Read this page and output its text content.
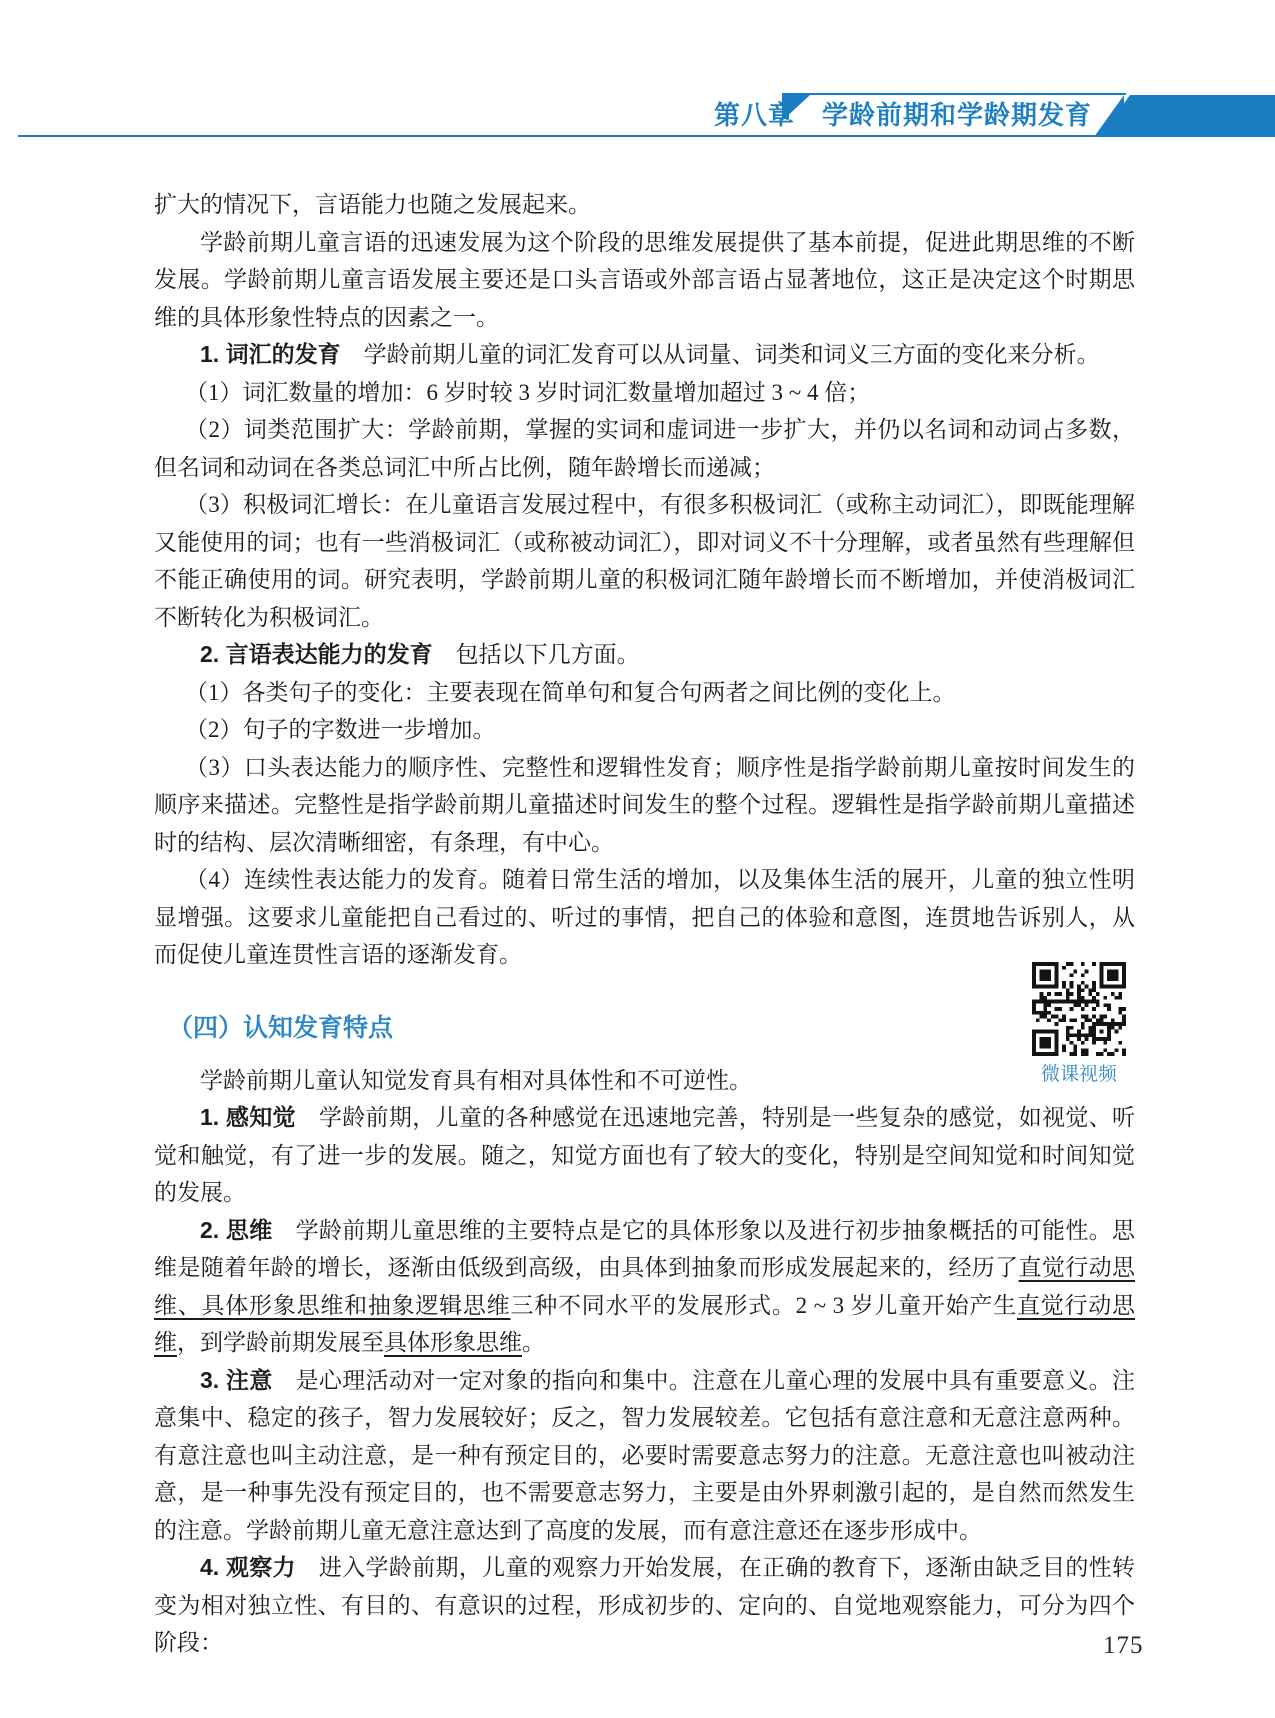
第八章　学龄前期和学龄期发育

扩大的情况下，言语能力也随之发展起来。

学龄前期儿童言语的迅速发展为这个阶段的思维发展提供了基本前提，促进此期思维的不断发展。学龄前期儿童言语发展主要还是口头言语或外部言语占显著地位，这正是决定这个时期思维的具体形象性特点的因素之一。

1. 词汇的发育 学龄前期儿童的词汇发育可以从词量、词类和词义三方面的变化来分析。

（1）词汇数量的增加：6 岁时较 3 岁时词汇数量增加超过 3 ~ 4 倍；

（2）词类范围扩大：学龄前期，掌握的实词和虚词进一步扩大，并仍以名词和动词占多数，但名词和动词在各类总词汇中所占比例，随年龄增长而递减；

（3）积极词汇增长：在儿童语言发展过程中，有很多积极词汇（或称主动词汇），即既能理解又能使用的词；也有一些消极词汇（或称被动词汇），即对词义不十分理解，或者虽然有些理解但不能正确使用的词。研究表明，学龄前期儿童的积极词汇随年龄增长而不断增加，并使消极词汇不断转化为积极词汇。

2. 言语表达能力的发育 包括以下几方面。

（1）各类句子的变化：主要表现在简单句和复合句两者之间比例的变化上。

（2）句子的字数进一步增加。

（3）口头表达能力的顺序性、完整性和逻辑性发育；顺序性是指学龄前期儿童按时间发生的顺序来描述。完整性是指学龄前期儿童描述时间发生的整个过程。逻辑性是指学龄前期儿童描述时的结构、层次清晰细密，有条理，有中心。

（4）连续性表达能力的发育。随着日常生活的增加，以及集体生活的展开，儿童的独立性明显增强。这要求儿童能把自己看过的、听过的事情，把自己的体验和意图，连贯地告诉别人，从而促使儿童连贯性言语的逐渐发育。

（四）认知发育特点

学龄前期儿童认知觉发育具有相对具体性和不可逆性。

1. 感知觉 学龄前期，儿童的各种感觉在迅速地完善，特别是一些复杂的感觉，如视觉、听觉和触觉，有了进一步的发展。随之，知觉方面也有了较大的变化，特别是空间知觉和时间知觉的发展。

2. 思维 学龄前期儿童思维的主要特点是它的具体形象以及进行初步抽象概括的可能性。思维是随着年龄的增长，逐渐由低级到高级，由具体到抽象而形成发展起来的，经历了直觉行动思维、具体形象思维和抽象逻辑思维三种不同水平的发展形式。2 ~ 3 岁儿童开始产生直觉行动思维，到学龄前期发展至具体形象思维。

3. 注意 是心理活动对一定对象的指向和集中。注意在儿童心理的发展中具有重要意义。注意集中、稳定的孩子，智力发展较好；反之，智力发展较差。它包括有意注意和无意注意两种。有意注意也叫主动注意，是一种有预定目的，必要时需要意志努力的注意。无意注意也叫被动注意，是一种事先没有预定目的，也不需要意志努力，主要是由外界刺激引起的，是自然而然发生的注意。学龄前期儿童无意注意达到了高度的发展，而有意注意还在逐步形成中。

4. 观察力 进入学龄前期，儿童的观察力开始发展，在正确的教育下，逐渐由缺乏目的性转变为相对独立性、有目的、有意识的过程，形成初步的、定向的、自觉地观察能力，可分为四个阶段：

微课视频
175
